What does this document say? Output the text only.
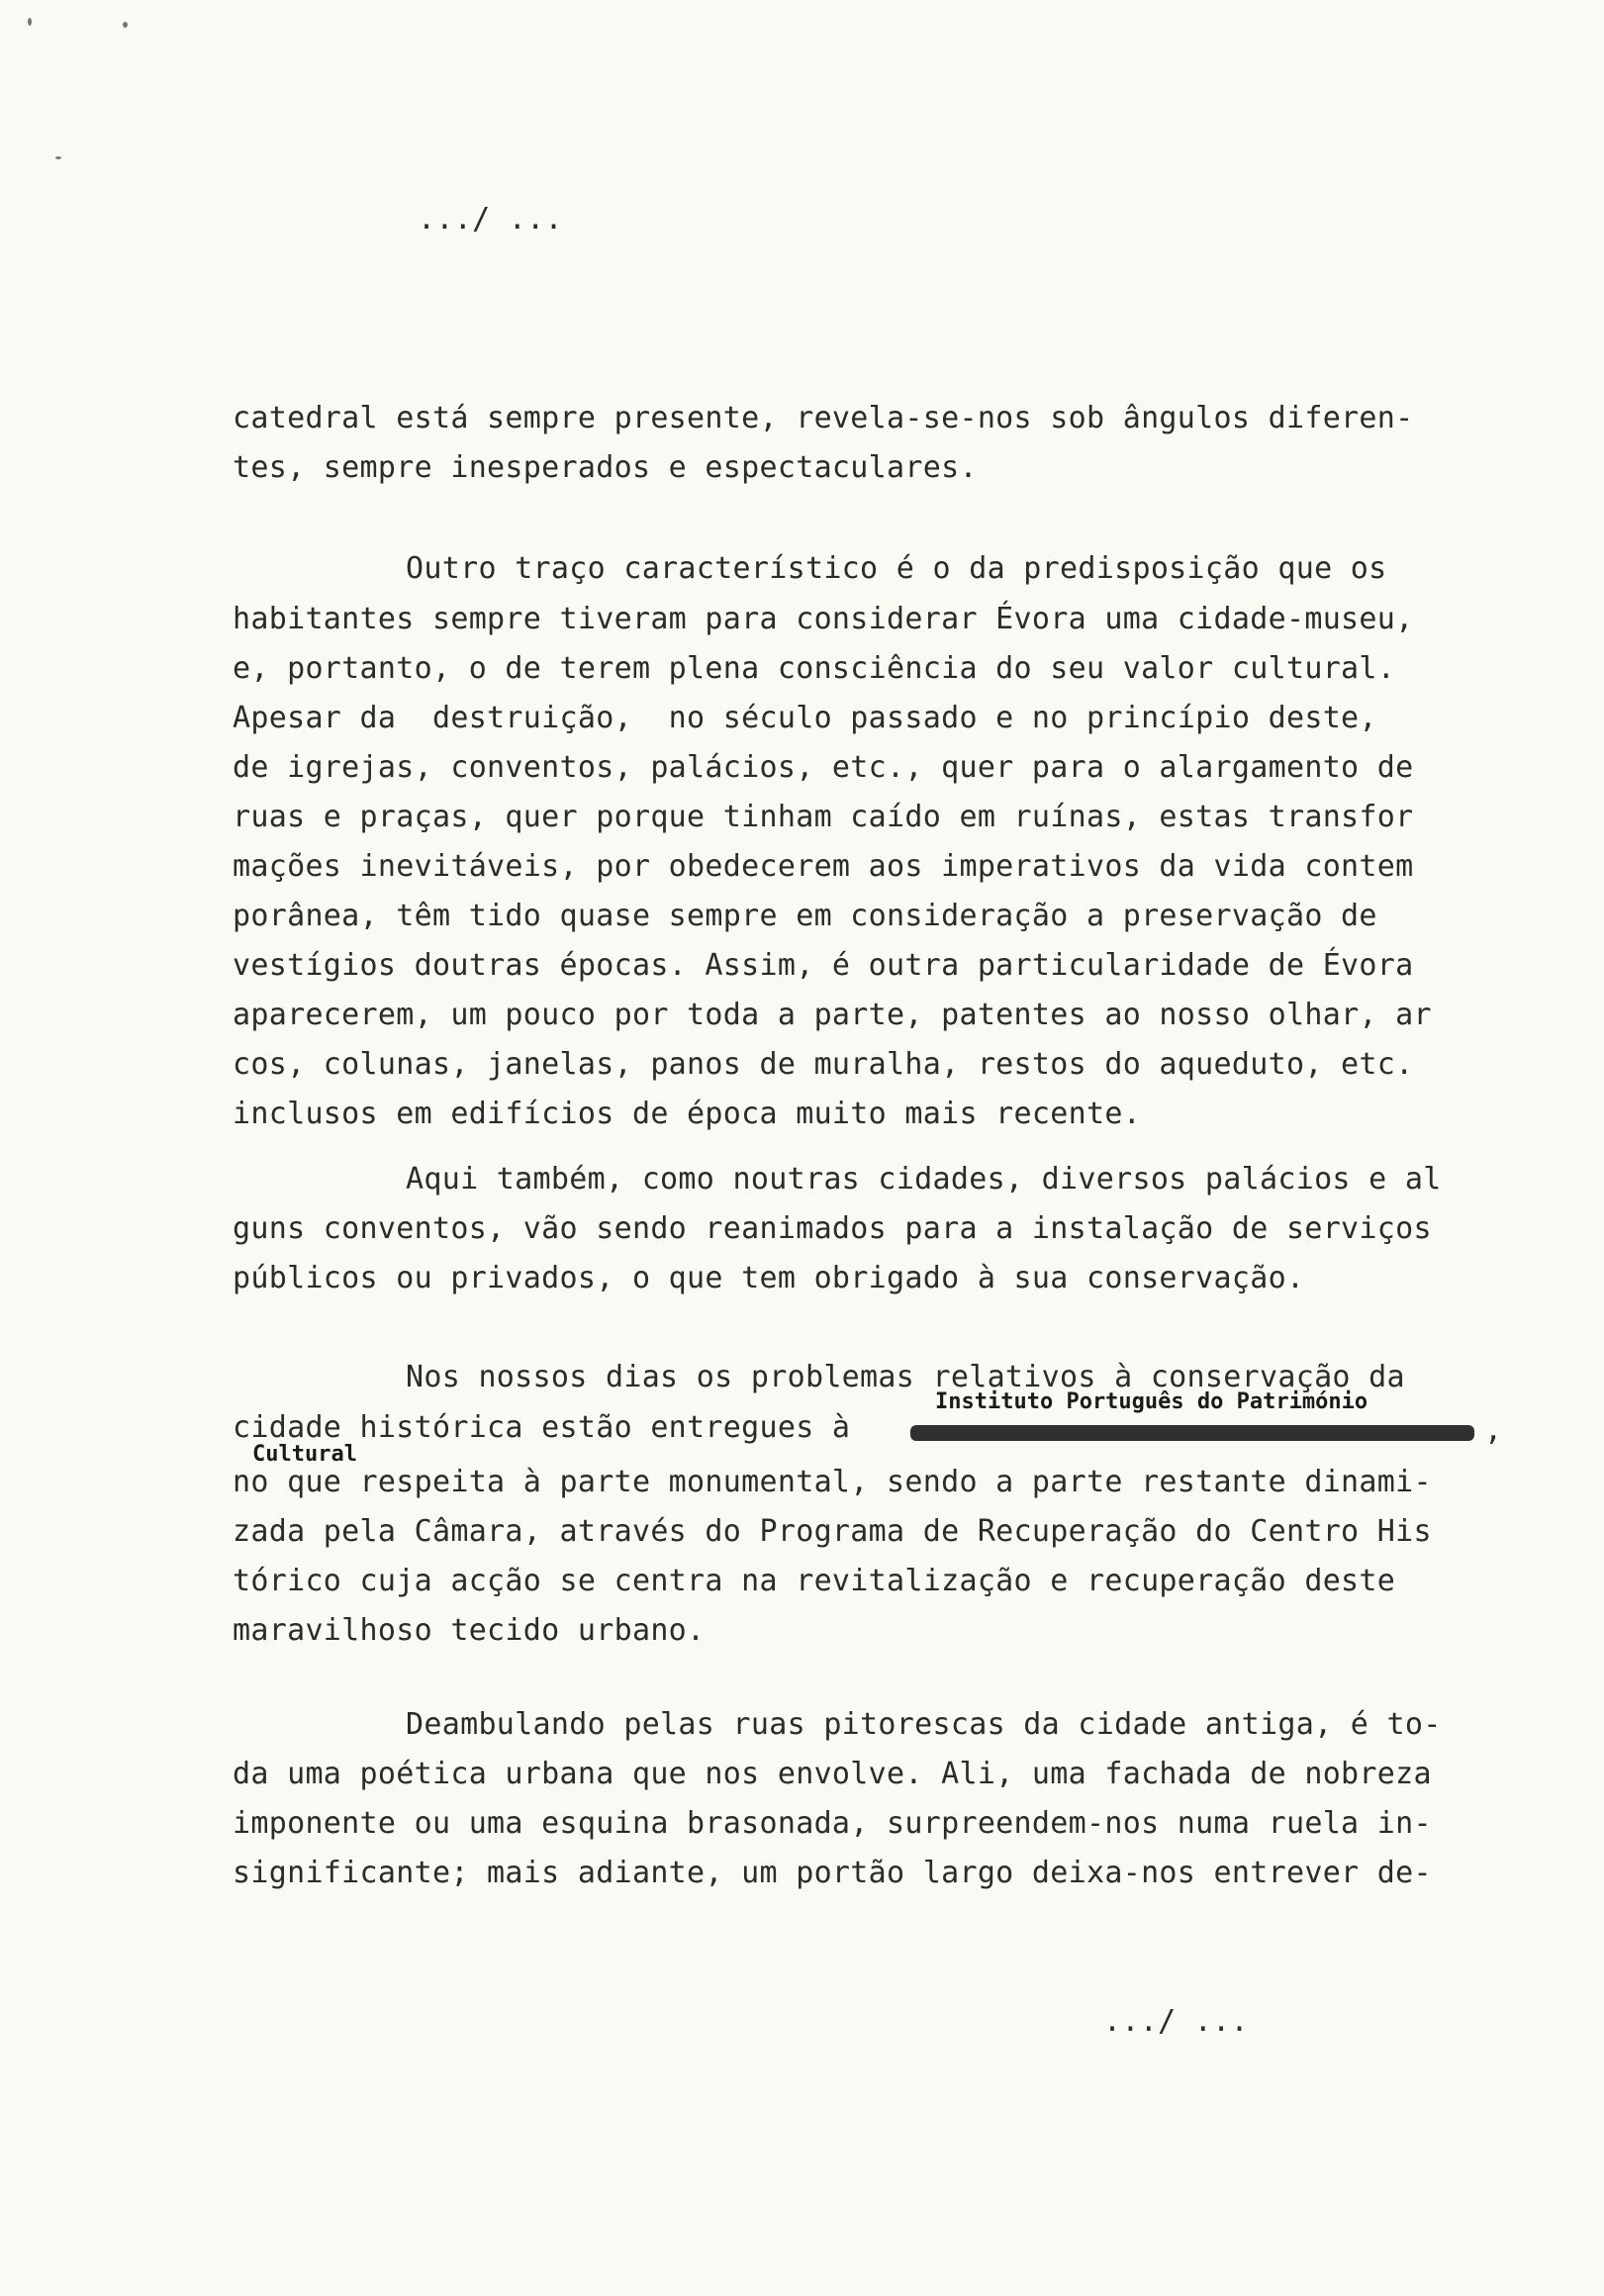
.../ ...
catedral está sempre presente, revela-se-nos sob ângulos diferen-
tes, sempre inesperados e espectaculares.
Outro traço característico é o da predisposição que os
habitantes sempre tiveram para considerar Évora uma cidade-museu,
e, portanto, o de terem plena consciência do seu valor cultural.
Apesar da  destruição,  no século passado e no princípio deste,
de igrejas, conventos, palácios, etc., quer para o alargamento de
ruas e praças, quer porque tinham caído em ruínas, estas transfor
mações inevitáveis, por obedecerem aos imperativos da vida contem
porânea, têm tido quase sempre em consideração a preservação de
vestígios doutras épocas. Assim, é outra particularidade de Évora
aparecerem, um pouco por toda a parte, patentes ao nosso olhar, ar
cos, colunas, janelas, panos de muralha, restos do aqueduto, etc.
inclusos em edifícios de época muito mais recente.
Aqui também, como noutras cidades, diversos palácios e al
guns conventos, vão sendo reanimados para a instalação de serviços
públicos ou privados, o que tem obrigado à sua conservação.
Nos nossos dias os problemas relativos à conservação da
Instituto Português do Património
cidade histórica estão entregues à	,
Cultural
no que respeita à parte monumental, sendo a parte restante dinami-
zada pela Câmara, através do Programa de Recuperação do Centro His
tórico cuja acção se centra na revitalização e recuperação deste
maravilhoso tecido urbano.
Deambulando pelas ruas pitorescas da cidade antiga, é to-
da uma poética urbana que nos envolve. Ali, uma fachada de nobreza
imponente ou uma esquina brasonada, surpreendem-nos numa ruela in-
significante; mais adiante, um portão largo deixa-nos entrever de-
.../ ...
